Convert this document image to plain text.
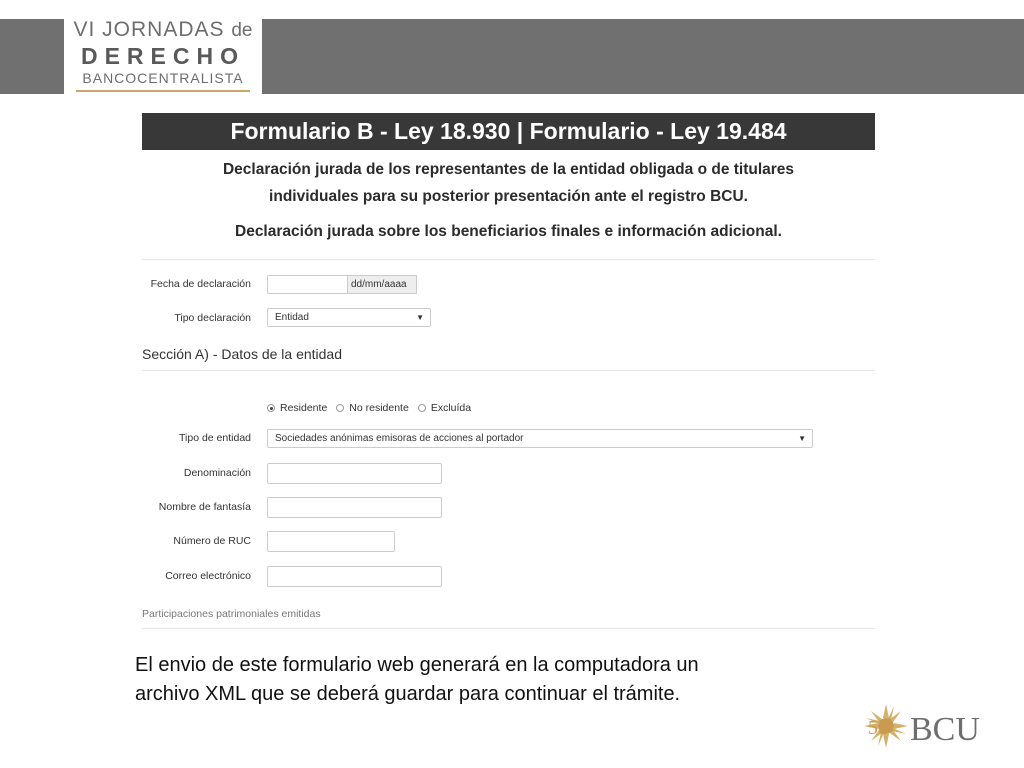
VI JORNADAS de
DERECHO
BANCOCENTRALISTA
Formulario B - Ley 18.930 | Formulario - Ley 19.484
Declaración jurada de los representantes de la entidad obligada o de titulares
individuales para su posterior presentación ante el registro BCU.
Declaración jurada sobre los beneficiarios finales e información adicional.
Fecha de declaración	dd/mm/aaaa
Tipo declaración	Entidad	▼
Sección A) - Datos de la entidad
Residente No residente Excluída
Tipo de entidad	Sociedades anónimas emisoras de acciones al portador	▼
Denominación
Nombre de fantasía
Número de RUC
Correo electrónico
Participaciones patrimoniales emitidas
El envio de este formulario web generará en la computadora un
archivo XML que se deberá guardar para continuar el trámite.
50 BCU
